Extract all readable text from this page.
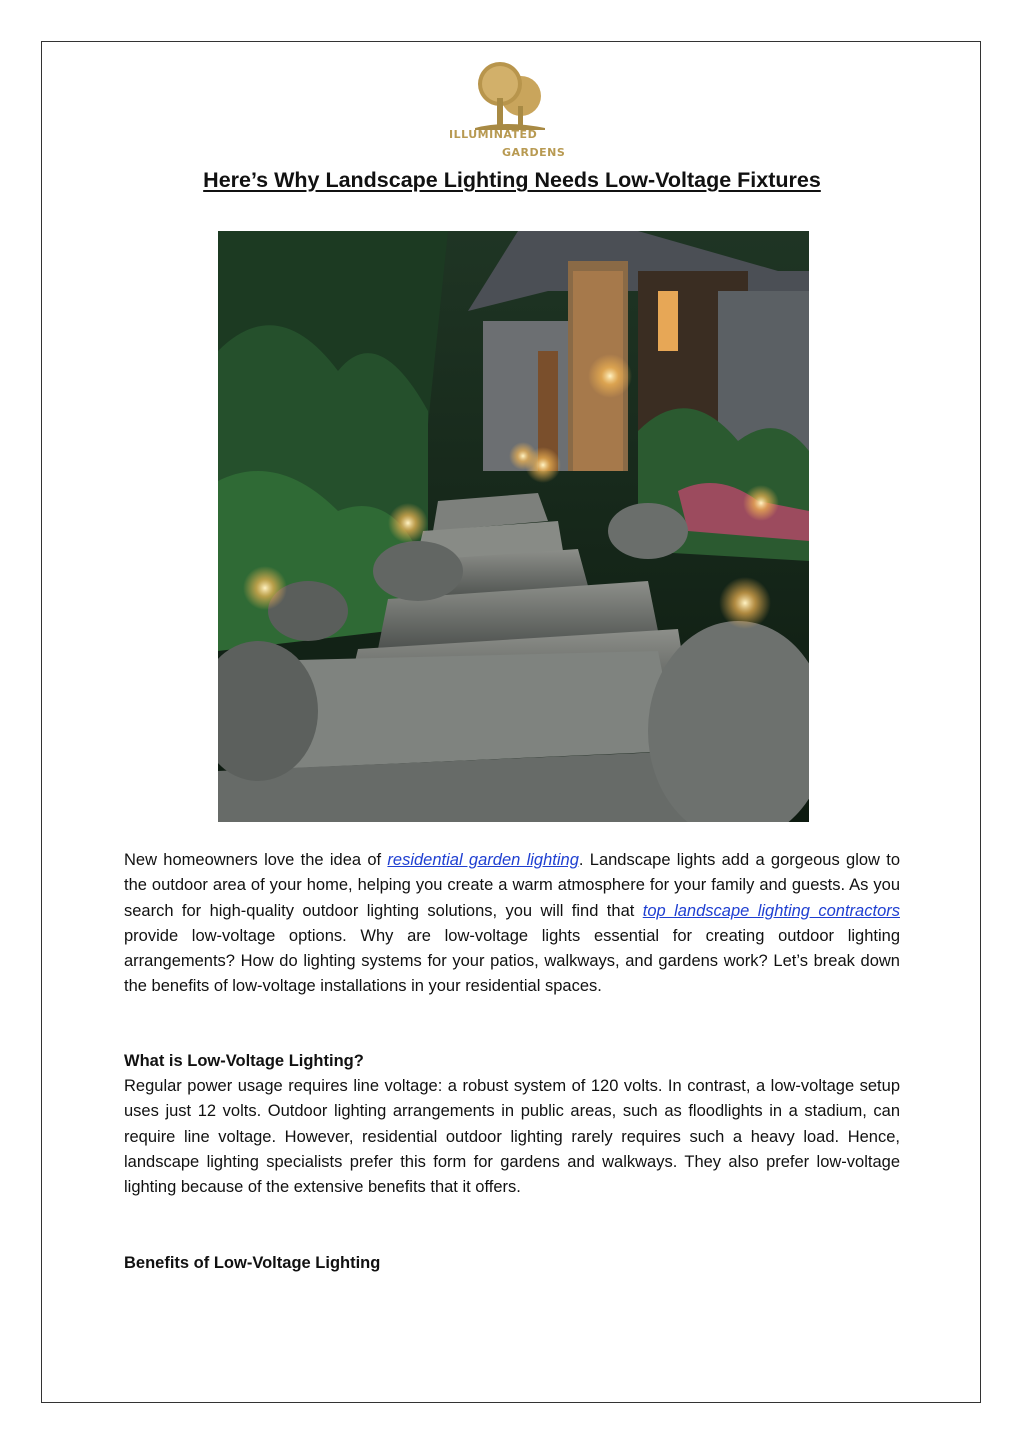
ILLUMINATED
GARDENS
Here’s Why Landscape Lighting Needs Low-Voltage Fixtures

New homeowners love the idea of residential garden lighting. Landscape lights add a gorgeous glow to the outdoor area of your home, helping you create a warm atmosphere for your family and guests. As you search for high-quality outdoor lighting solutions, you will find that top landscape lighting contractors provide low-voltage options. Why are low-voltage lights essential for creating outdoor lighting arrangements? How do lighting systems for your patios, walkways, and gardens work? Let’s break down the benefits of low-voltage installations in your residential spaces.

What is Low-Voltage Lighting?

Regular power usage requires line voltage: a robust system of 120 volts. In contrast, a low-voltage setup uses just 12 volts. Outdoor lighting arrangements in public areas, such as floodlights in a stadium, can require line voltage. However, residential outdoor lighting rarely requires such a heavy load. Hence, landscape lighting specialists prefer this form for gardens and walkways. They also prefer low-voltage lighting because of the extensive benefits that it offers.

Benefits of Low-Voltage Lighting
